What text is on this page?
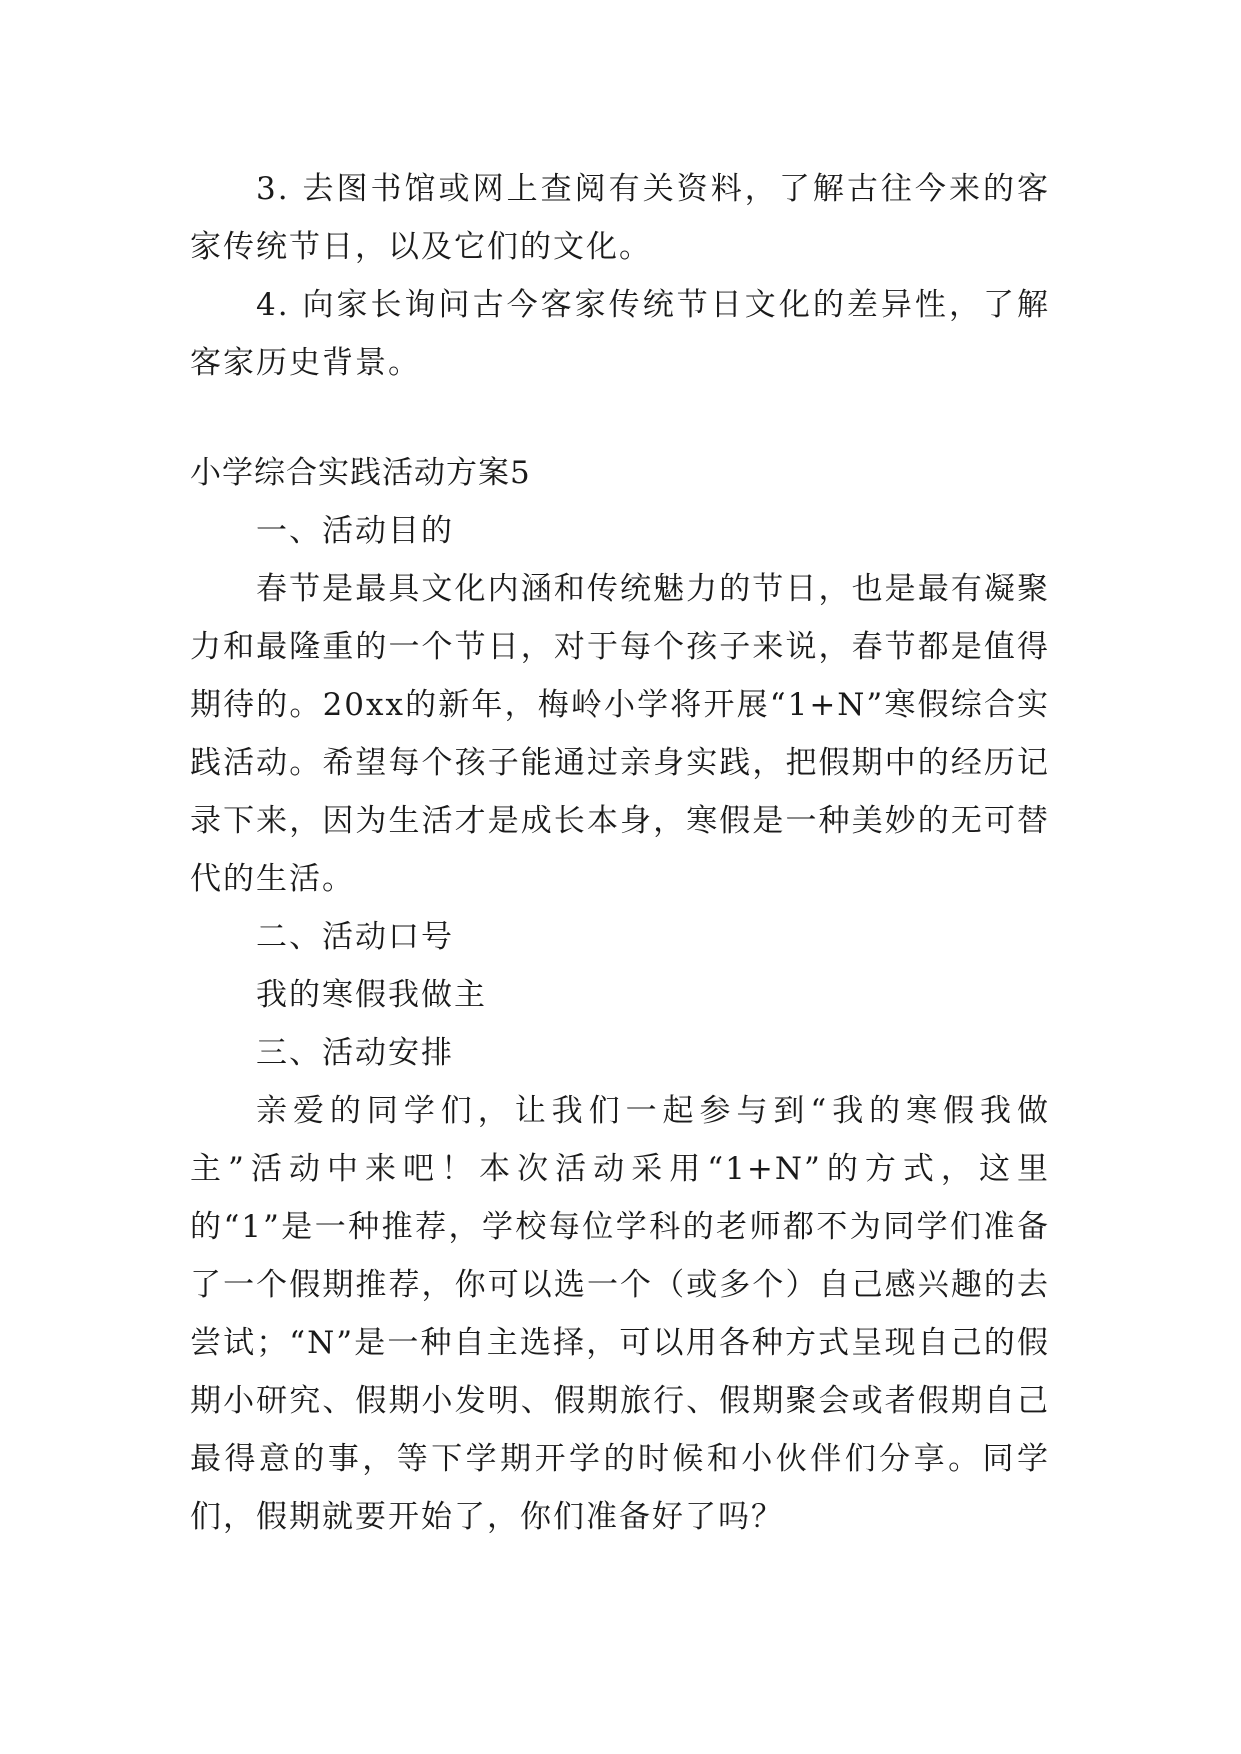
3. 去图书馆或网上查阅有关资料，了解古往今来的客家传统节日，以及它们的文化。

4. 向家长询问古今客家传统节日文化的差异性，了解客家历史背景。

小学综合实践活动方案5

一、活动目的

春节是最具文化内涵和传统魅力的节日，也是最有凝聚力和最隆重的一个节日，对于每个孩子来说，春节都是值得期待的。20xx的新年，梅岭小学将开展“1+N”寒假综合实践活动。希望每个孩子能通过亲身实践，把假期中的经历记录下来，因为生活才是成长本身，寒假是一种美妙的无可替代的生活。

二、活动口号

我的寒假我做主

三、活动安排

亲爱的同学们，让我们一起参与到“我的寒假我做主”活动中来吧！本次活动采用“1+N”的方式，这里的“1”是一种推荐，学校每位学科的老师都不为同学们准备了一个假期推荐，你可以选一个（或多个）自己感兴趣的去尝试；“N”是一种自主选择，可以用各种方式呈现自己的假期小研究、假期小发明、假期旅行、假期聚会或者假期自己最得意的事，等下学期开学的时候和小伙伴们分享。同学们，假期就要开始了，你们准备好了吗？
